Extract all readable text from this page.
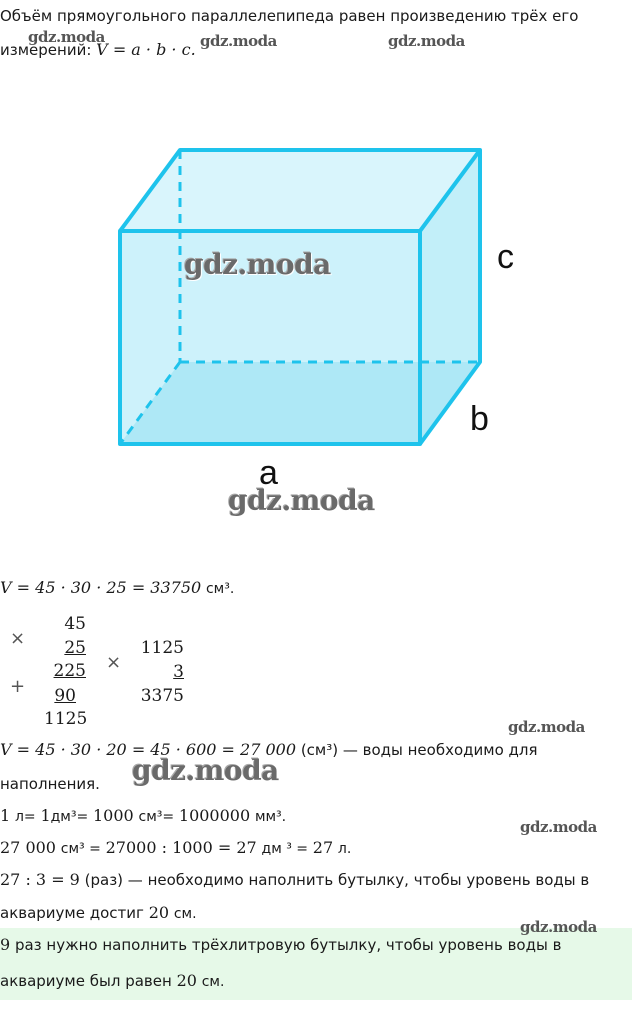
Объём прямоугольного параллелепипеда равен произведению трёх его
измерений: V = a · b · c.
gdz.moda	gdz.moda	gdz.moda
c
b
a
gdz.moda
gdz.moda
V = 45 · 30 · 25 = 33750 см³.
×
45
25
225
+	90
1125
×
1125
3
3375
gdz.moda
V = 45 · 30 · 20 = 45 · 600 = 27 000 (см³) — воды необходимо для
наполнения. gdz.moda
1 л= 1дм³= 1000 см³= 1000000 мм³.
gdz.moda
27 000 см³ = 27000 : 1000 = 27 дм ³ = 27 л.
27 : 3 = 9 (раз) — необходимо наполнить бутылку, чтобы уровень воды в
аквариуме достиг 20 см.
gdz.moda
9 раз нужно наполнить трёхлитровую бутылку, чтобы уровень воды в
аквариуме был равен 20 см.
